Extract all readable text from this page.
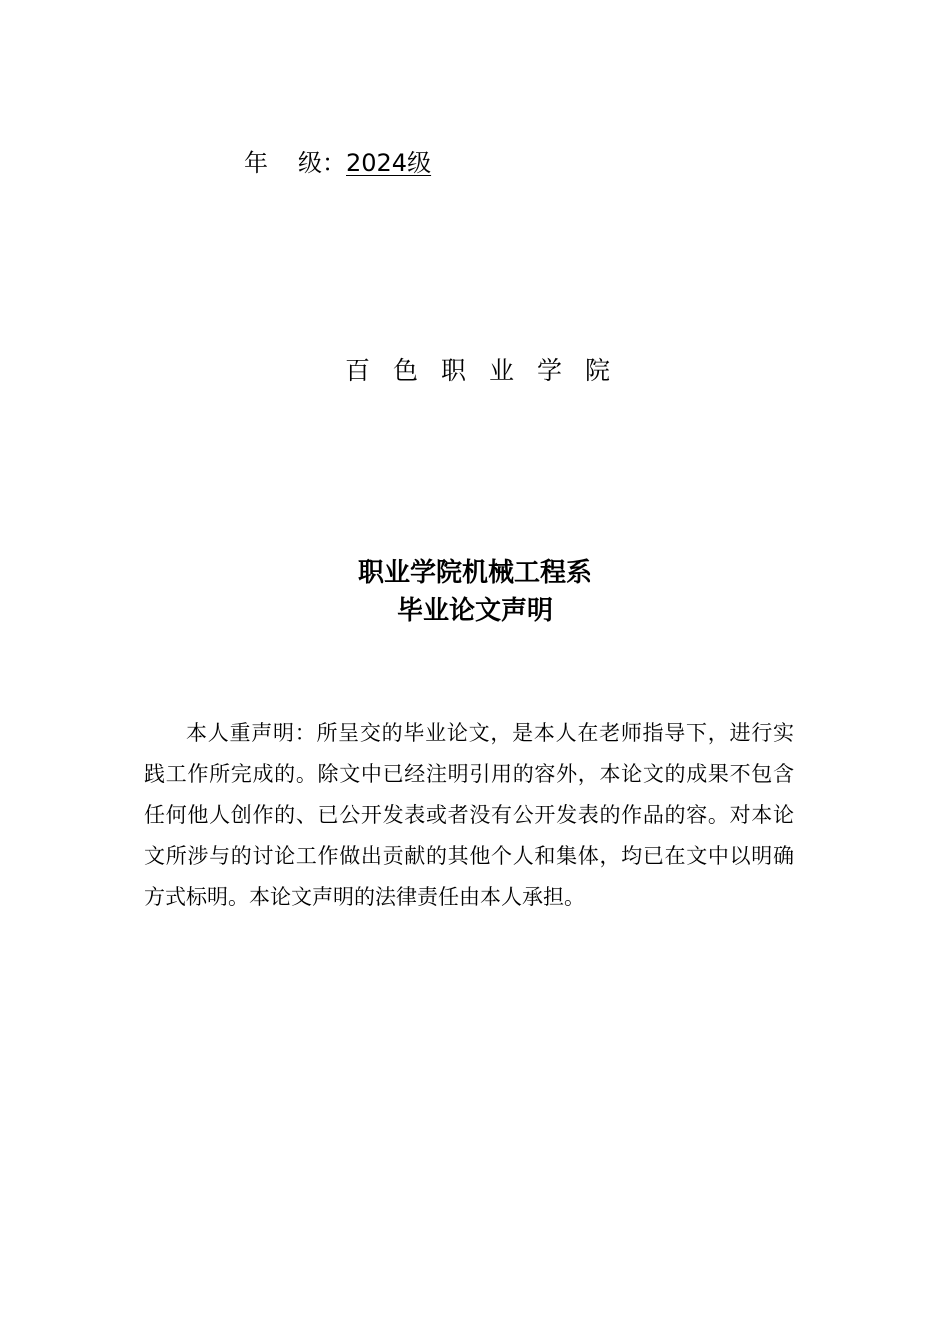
年 级：2024级
百色职业学院
职业学院机械工程系
毕业论文声明
本人重声明：所呈交的毕业论文，是本人在老师指导下，进行实践工作所完成的。除文中已经注明引用的容外，本论文的成果不包含任何他人创作的、已公开发表或者没有公开发表的作品的容。对本论文所涉与的讨论工作做出贡献的其他个人和集体，均已在文中以明确方式标明。本论文声明的法律责任由本人承担。
